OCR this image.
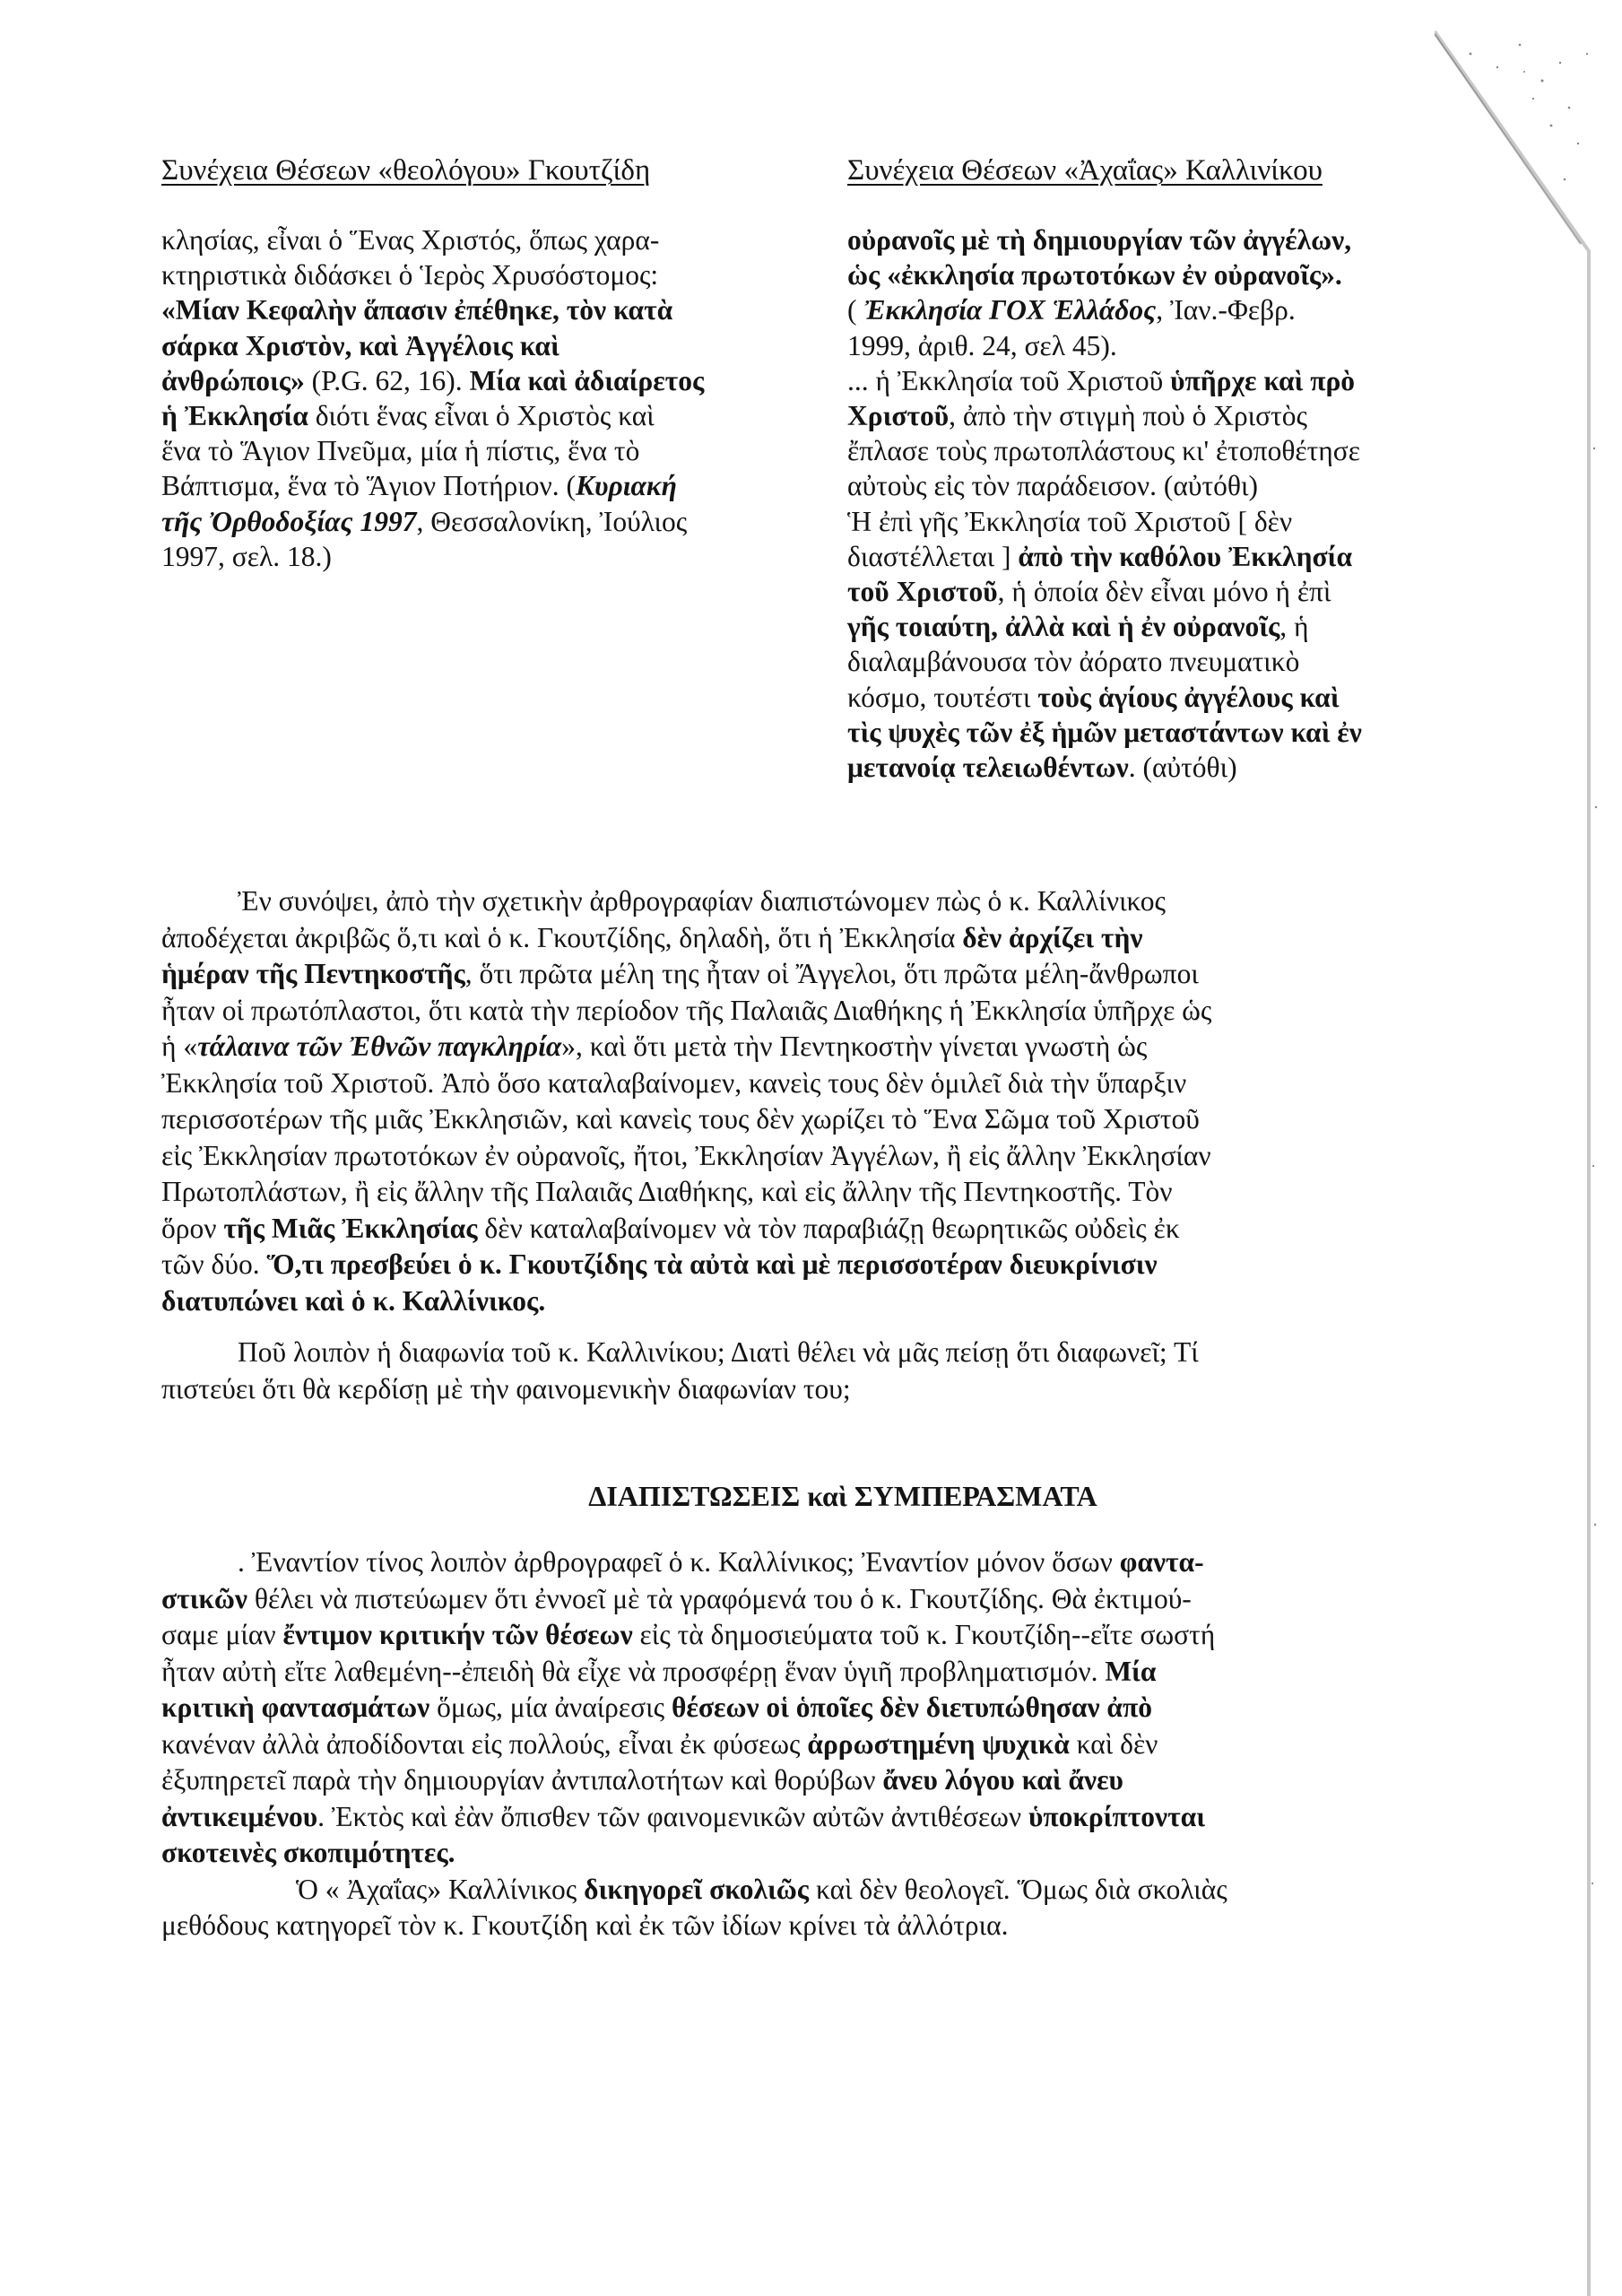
Συνέχεια Θέσεων «θεολόγου» Γκουτζίδη
κλησίας, εἶναι ὁ Ἕνας Χριστός, ὅπως χαρα-
κτηριστικὰ διδάσκει ὁ Ἱερὸς Χρυσόστομος:
«Μίαν Κεφαλὴν ἅπασιν ἐπέθηκε, τὸν κατὰ
σάρκα Χριστὸν, καὶ Ἀγγέλοις καὶ
ἀνθρώποις» (P.G. 62, 16). Μία καὶ ἀδιαίρετος
ἡ Ἐκκλησία διότι ἕνας εἶναι ὁ Χριστὸς καὶ
ἕνα τὸ Ἅγιον Πνεῦμα, μία ἡ πίστις, ἕνα τὸ
Βάπτισμα, ἕνα τὸ Ἅγιον Ποτήριον. (Κυριακή
τῆς Ὀρθοδοξίας 1997, Θεσσαλονίκη, Ἰούλιος
1997, σελ. 18.)
Συνέχεια Θέσεων «Ἀχαΐας» Καλλινίκου
οὐρανοῖς μὲ τὴ δημιουργίαν τῶν ἀγγέλων,
ὡς «ἐκκλησία πρωτοτόκων ἐν οὐρανοῖς».
( Ἐκκλησία ΓΟΧ Ἑλλάδος, Ἰαν.-Φεβρ.
1999, ἀριθ. 24, σελ 45).
... ἡ Ἐκκλησία τοῦ Χριστοῦ ὑπῆρχε καὶ πρὸ
Χριστοῦ, ἀπὸ τὴν στιγμὴ ποὺ ὁ Χριστὸς
ἔπλασε τοὺς πρωτοπλάστους κι' ἐτοποθέτησε
αὐτοὺς εἰς τὸν παράδεισον. (αὐτόθι)
Ἡ ἐπὶ γῆς Ἐκκλησία τοῦ Χριστοῦ [ δὲν
διαστέλλεται ] ἀπὸ τὴν καθόλου Ἐκκλησία
τοῦ Χριστοῦ, ἡ ὁποία δὲν εἶναι μόνο ἡ ἐπὶ
γῆς τοιαύτη, ἀλλὰ καὶ ἡ ἐν οὐρανοῖς, ἡ
διαλαμβάνουσα τὸν ἀόρατο πνευματικὸ
κόσμο, τουτέστι τοὺς ἁγίους ἀγγέλους καὶ
τὶς ψυχὲς τῶν ἐξ ἡμῶν μεταστάντων καὶ ἐν
μετανοίᾳ τελειωθέντων. (αὐτόθι)
Ἐν συνόψει, ἀπὸ τὴν σχετικὴν ἀρθρογραφίαν διαπιστώνομεν πὼς ὁ κ. Καλλίνικος
ἀποδέχεται ἀκριβῶς ὅ,τι καὶ ὁ κ. Γκουτζίδης, δηλαδὴ, ὅτι ἡ Ἐκκλησία δὲν ἀρχίζει τὴν
ἡμέραν τῆς Πεντηκοστῆς, ὅτι πρῶτα μέλη της ἦταν οἱ Ἄγγελοι, ὅτι πρῶτα μέλη-ἄνθρωποι
ἦταν οἱ πρωτόπλαστοι, ὅτι κατὰ τὴν περίοδον τῆς Παλαιᾶς Διαθήκης ἡ Ἐκκλησία ὑπῆρχε ὡς
ἡ «τάλαινα τῶν Ἐθνῶν παγκληρία», καὶ ὅτι μετὰ τὴν Πεντηκοστὴν γίνεται γνωστὴ ὡς
Ἐκκλησία τοῦ Χριστοῦ. Ἀπὸ ὅσο καταλαβαίνομεν, κανεὶς τους δὲν ὁμιλεῖ διὰ τὴν ὕπαρξιν
περισσοτέρων τῆς μιᾶς Ἐκκλησιῶν, καὶ κανεὶς τους δὲν χωρίζει τὸ Ἕνα Σῶμα τοῦ Χριστοῦ
εἰς Ἐκκλησίαν πρωτοτόκων ἐν οὐρανοῖς, ἤτοι, Ἐκκλησίαν Ἀγγέλων, ἢ εἰς ἄλλην Ἐκκλησίαν
Πρωτοπλάστων, ἢ εἰς ἄλλην τῆς Παλαιᾶς Διαθήκης, καὶ εἰς ἄλλην τῆς Πεντηκοστῆς. Τὸν
ὅρον τῆς Μιᾶς Ἐκκλησίας δὲν καταλαβαίνομεν νὰ τὸν παραβιάζῃ θεωρητικῶς οὐδεὶς ἐκ
τῶν δύο. Ὅ,τι πρεσβεύει ὁ κ. Γκουτζίδης τὰ αὐτὰ καὶ μὲ περισσοτέραν διευκρίνισιν
διατυπώνει καὶ ὁ κ. Καλλίνικος.
Ποῦ λοιπὸν ἡ διαφωνία τοῦ κ. Καλλινίκου; Διατὶ θέλει νὰ μᾶς πείσῃ ὅτι διαφωνεῖ; Τί
πιστεύει ὅτι θὰ κερδίσῃ μὲ τὴν φαινομενικὴν διαφωνίαν του;
ΔΙΑΠΙΣΤΩΣΕΙΣ καὶ ΣΥΜΠΕΡΑΣΜΑΤΑ
. Ἐναντίον τίνος λοιπὸν ἀρθρογραφεῖ ὁ κ. Καλλίνικος; Ἐναντίον μόνον ὅσων φαντα-
στικῶν θέλει νὰ πιστεύωμεν ὅτι ἐννοεῖ μὲ τὰ γραφόμενά του ὁ κ. Γκουτζίδης. Θὰ ἐκτιμού-
σαμε μίαν ἔντιμον κριτικήν τῶν θέσεων εἰς τὰ δημοσιεύματα τοῦ κ. Γκουτζίδη--εἴτε σωστή
ἦταν αὐτὴ εἴτε λαθεμένη--ἐπειδὴ θὰ εἶχε νὰ προσφέρῃ ἕναν ὑγιῆ προβληματισμόν. Μία
κριτικὴ φαντασμάτων ὅμως, μία ἀναίρεσις θέσεων οἱ ὁποῖες δὲν διετυπώθησαν ἀπὸ
κανέναν ἀλλὰ ἀποδίδονται εἰς πολλούς, εἶναι ἐκ φύσεως ἀρρωστημένη ψυχικὰ καὶ δὲν
ἐξυπηρετεῖ παρὰ τὴν δημιουργίαν ἀντιπαλοτήτων καὶ θορύβων ἄνευ λόγου καὶ ἄνευ
ἀντικειμένου. Ἐκτὸς καὶ ἐὰν ὄπισθεν τῶν φαινομενικῶν αὐτῶν ἀντιθέσεων ὑποκρίπτονται
σκοτεινὲς σκοπιμότητες.
Ὁ « Ἀχαΐας» Καλλίνικος δικηγορεῖ σκολιῶς καὶ δὲν θεολογεῖ. Ὅμως διὰ σκολιὰς
μεθόδους κατηγορεῖ τὸν κ. Γκουτζίδη καὶ ἐκ τῶν ἰδίων κρίνει τὰ ἀλλότρια.
